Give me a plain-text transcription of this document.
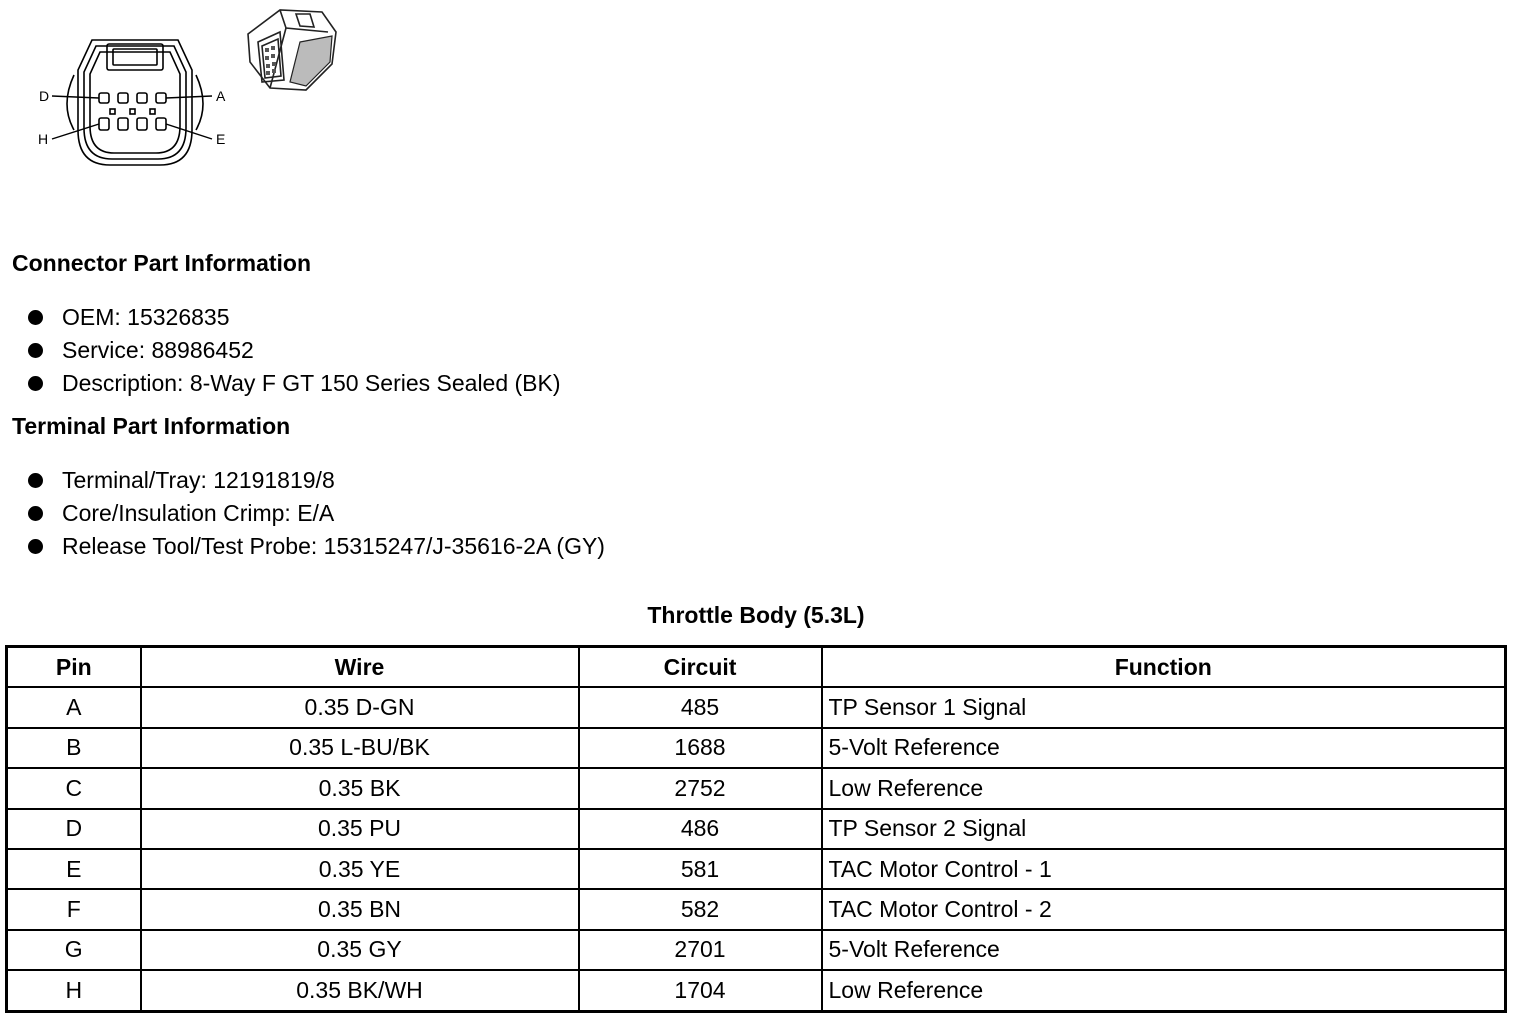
D	A
H	E
Connector Part Information
OEM: 15326835
Service: 88986452
Description: 8-Way F GT 150 Series Sealed (BK)
Terminal Part Information
Terminal/Tray: 12191819/8
Core/Insulation Crimp: E/A
Release Tool/Test Probe: 15315247/J-35616-2A (GY)
Throttle Body (5.3L)
Pin	Wire	Circuit	Function
A	0.35 D-GN	485	TP Sensor 1 Signal
B	0.35 L-BU/BK	1688	5-Volt Reference
C	0.35 BK	2752	Low Reference
D	0.35 PU	486	TP Sensor 2 Signal
E	0.35 YE	581	TAC Motor Control - 1
F	0.35 BN	582	TAC Motor Control - 2
G	0.35 GY	2701	5-Volt Reference
H	0.35 BK/WH	1704	Low Reference
